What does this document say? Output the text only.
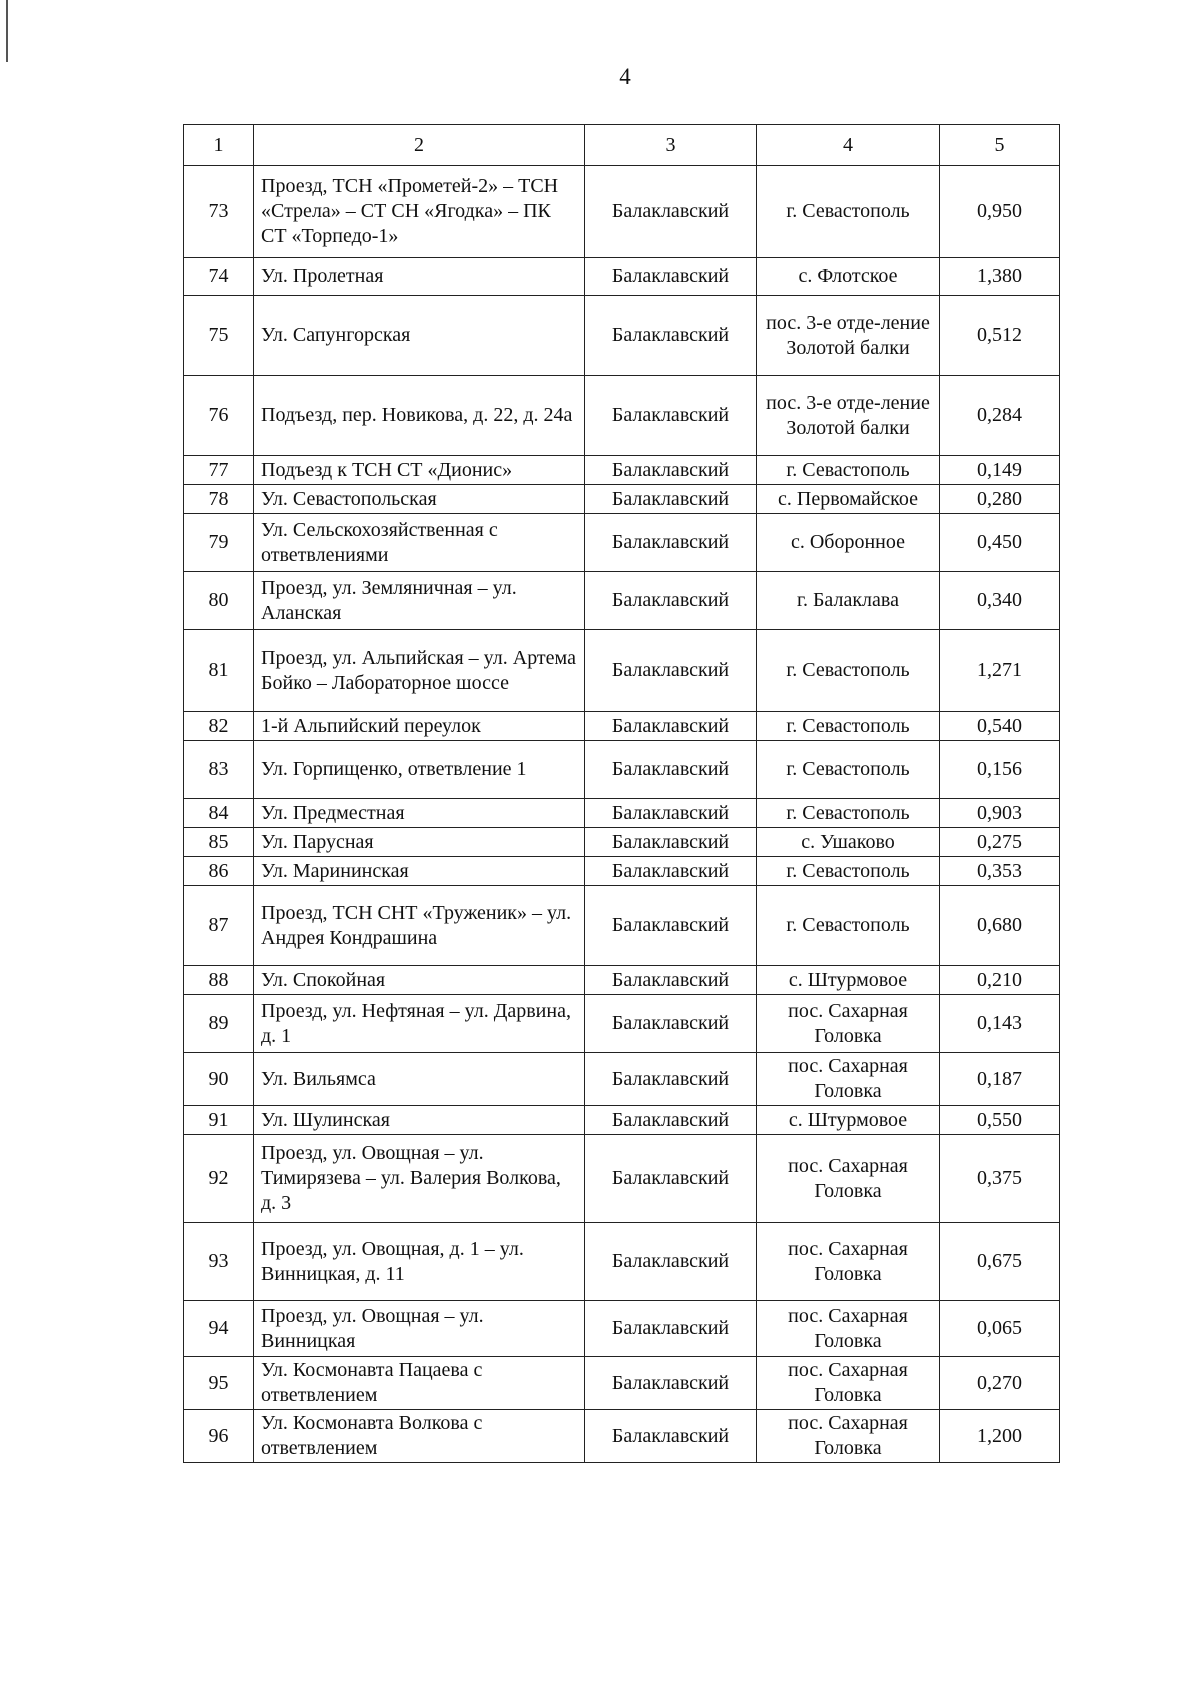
4
1	2	3	4	5
73	Проезд, ТСН «Прометей-2» – ТСН «Стрела» – СТ СН «Ягодка» – ПК СТ «Торпедо-1»	Балаклавский	г. Севастополь	0,950
74	Ул. Пролетная	Балаклавский	с. Флотское	1,380
75	Ул. Сапунгорская	Балаклавский	пос. 3-е отде-ление Золотой балки	0,512
76	Подъезд, пер. Новикова, д. 22, д. 24а	Балаклавский	пос. 3-е отде-ление Золотой балки	0,284
77	Подъезд к ТСН СТ «Дионис»	Балаклавский	г. Севастополь	0,149
78	Ул. Севастопольская	Балаклавский	с. Первомайское	0,280
79	Ул. Сельскохозяйственная с ответвлениями	Балаклавский	с. Оборонное	0,450
80	Проезд, ул. Земляничная – ул. Аланская	Балаклавский	г. Балаклава	0,340
81	Проезд, ул. Альпийская – ул. Артема Бойко – Лабораторное шоссе	Балаклавский	г. Севастополь	1,271
82	1-й Альпийский переулок	Балаклавский	г. Севастополь	0,540
83	Ул. Горпищенко, ответвление 1	Балаклавский	г. Севастополь	0,156
84	Ул. Предместная	Балаклавский	г. Севастополь	0,903
85	Ул. Парусная	Балаклавский	с. Ушаково	0,275
86	Ул. Марининская	Балаклавский	г. Севастополь	0,353
87	Проезд, ТСН СНТ «Труженик» – ул. Андрея Кондрашина	Балаклавский	г. Севастополь	0,680
88	Ул. Спокойная	Балаклавский	с. Штурмовое	0,210
89	Проезд, ул. Нефтяная – ул. Дарвина, д. 1	Балаклавский	пос. Сахарная Головка	0,143
90	Ул. Вильямса	Балаклавский	пос. Сахарная Головка	0,187
91	Ул. Шулинская	Балаклавский	с. Штурмовое	0,550
92	Проезд, ул. Овощная – ул. Тимирязева – ул. Валерия Волкова, д. 3	Балаклавский	пос. Сахарная Головка	0,375
93	Проезд, ул. Овощная, д. 1 – ул. Винницкая, д. 11	Балаклавский	пос. Сахарная Головка	0,675
94	Проезд, ул. Овощная – ул. Винницкая	Балаклавский	пос. Сахарная Головка	0,065
95	Ул. Космонавта Пацаева с ответвлением	Балаклавский	пос. Сахарная Головка	0,270
96	Ул. Космонавта Волкова с ответвлением	Балаклавский	пос. Сахарная Головка	1,200
